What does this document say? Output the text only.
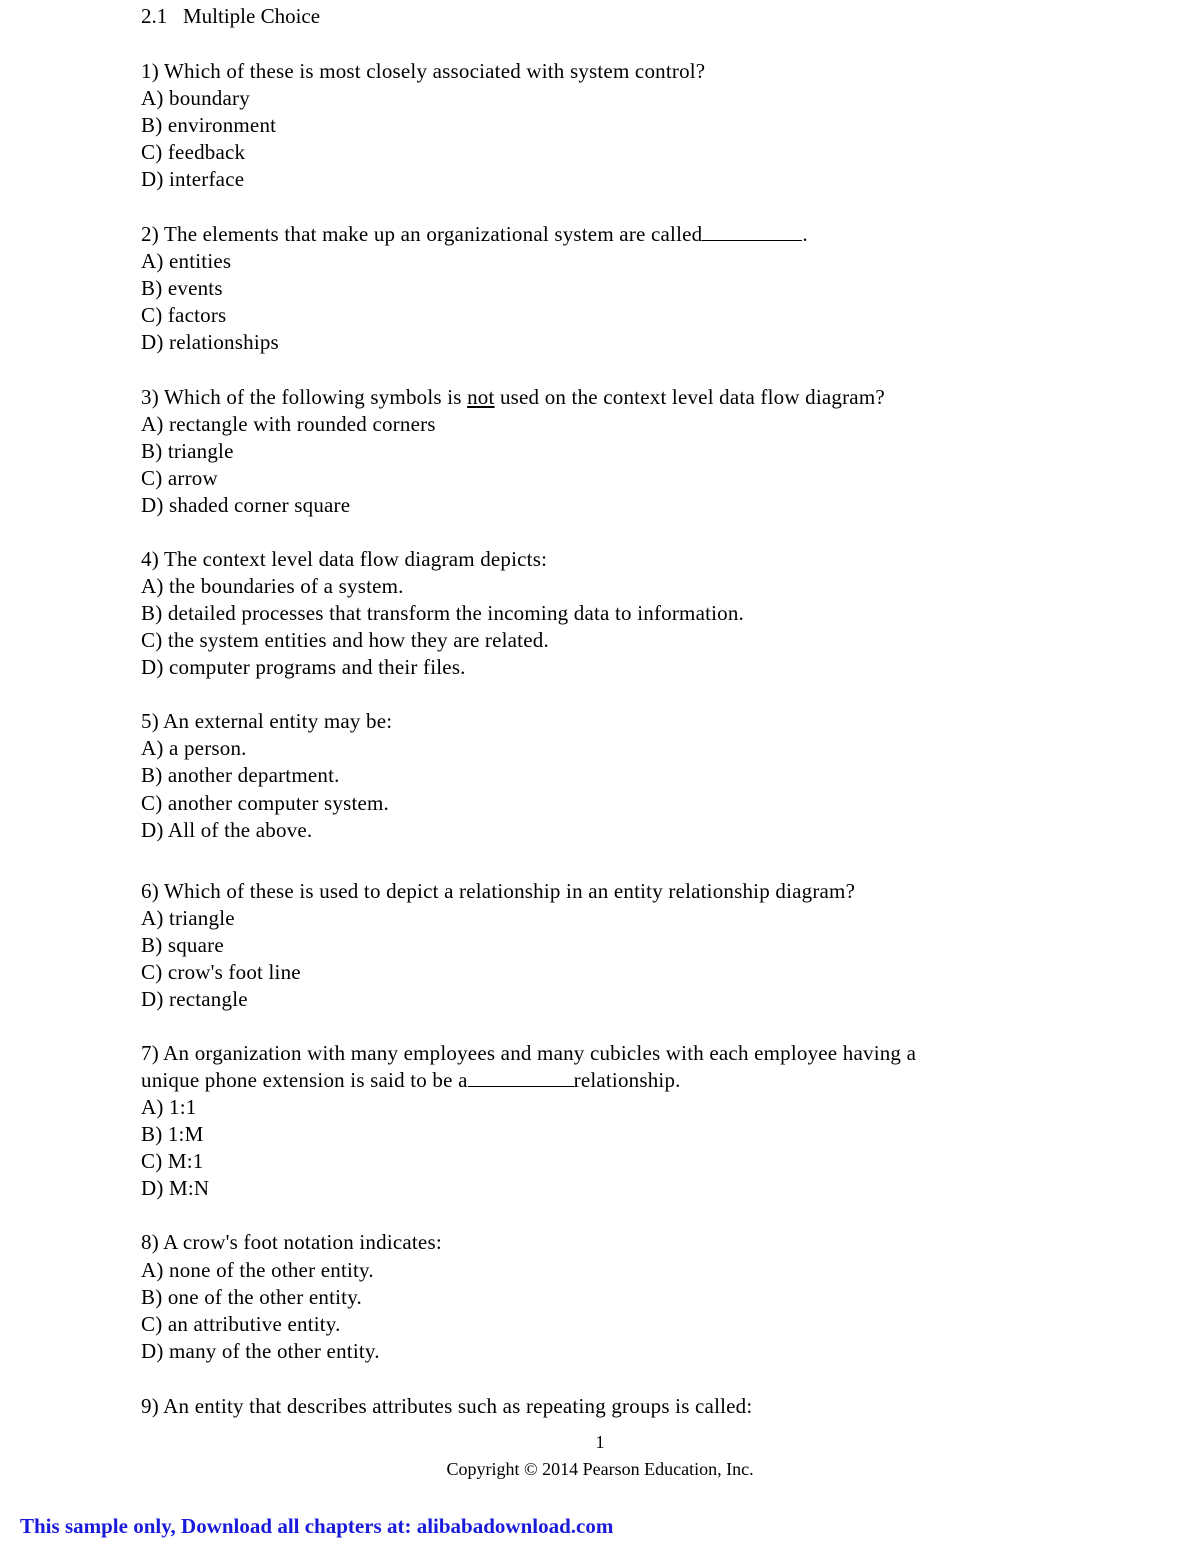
2.1   Multiple Choice
1) Which of these is most closely associated with system control?
A) boundary
B) environment
C) feedback
D) interface
2) The elements that make up an organizational system are called	.
A) entities
B) events
C) factors
D) relationships
3) Which of the following symbols is not used on the context level data flow diagram?
A) rectangle with rounded corners
B) triangle
C) arrow
D) shaded corner square
4) The context level data flow diagram depicts:
A) the boundaries of a system.
B) detailed processes that transform the incoming data to information.
C) the system entities and how they are related.
D) computer programs and their files.
5) An external entity may be:
A) a person.
B) another department.
C) another computer system.
D) All of the above.
6) Which of these is used to depict a relationship in an entity relationship diagram?
A) triangle
B) square
C) crow's foot line
D) rectangle
7) An organization with many employees and many cubicles with each employee having a
unique phone extension is said to be a	relationship.
A) 1:1
B) 1:M
C) M:1
D) M:N
8) A crow's foot notation indicates:
A) none of the other entity.
B) one of the other entity.
C) an attributive entity.
D) many of the other entity.
9) An entity that describes attributes such as repeating groups is called:
1
Copyright © 2014 Pearson Education, Inc.
This sample only, Download all chapters at: alibabadownload.com
